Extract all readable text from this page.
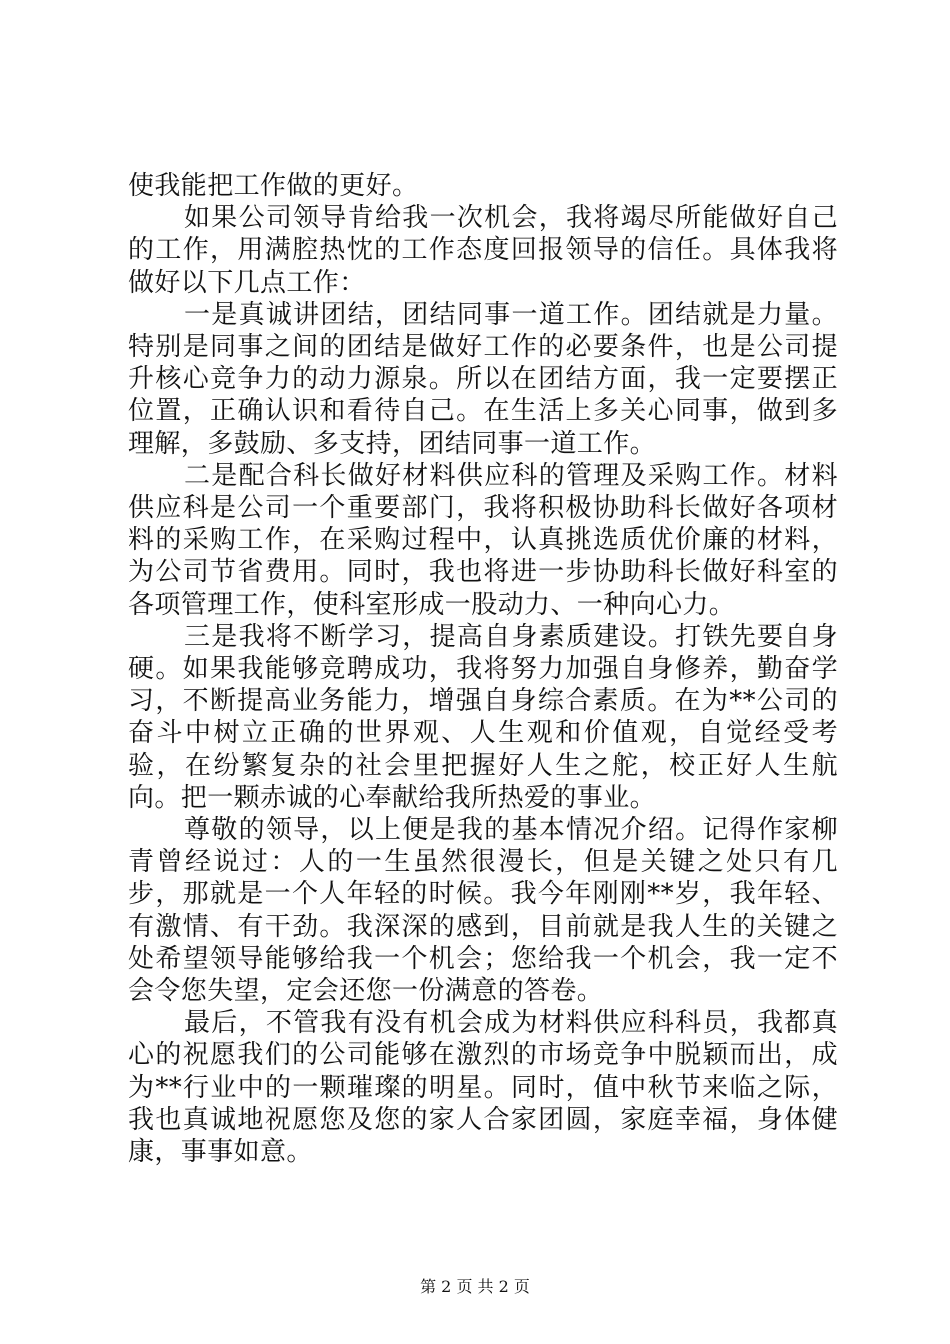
使我能把工作做的更好。

如果公司领导肯给我一次机会，我将竭尽所能做好自己的工作，用满腔热忱的工作态度回报领导的信任。具体我将做好以下几点工作：

一是真诚讲团结，团结同事一道工作。团结就是力量。特别是同事之间的团结是做好工作的必要条件，也是公司提升核心竞争力的动力源泉。所以在团结方面，我一定要摆正位置，正确认识和看待自己。在生活上多关心同事，做到多理解，多鼓励、多支持，团结同事一道工作。

二是配合科长做好材料供应科的管理及采购工作。材料供应科是公司一个重要部门，我将积极协助科长做好各项材料的采购工作，在采购过程中，认真挑选质优价廉的材料，为公司节省费用。同时，我也将进一步协助科长做好科室的各项管理工作，使科室形成一股动力、一种向心力。

三是我将不断学习，提高自身素质建设。打铁先要自身硬。如果我能够竞聘成功，我将努力加强自身修养，勤奋学习，不断提高业务能力，增强自身综合素质。在为**公司的奋斗中树立正确的世界观、人生观和价值观，自觉经受考验，在纷繁复杂的社会里把握好人生之舵，校正好人生航向。把一颗赤诚的心奉献给我所热爱的事业。

尊敬的领导，以上便是我的基本情况介绍。记得作家柳青曾经说过：人的一生虽然很漫长，但是关键之处只有几步，那就是一个人年轻的时候。我今年刚刚**岁，我年轻、有激情、有干劲。我深深的感到，目前就是我人生的关键之处希望领导能够给我一个机会；您给我一个机会，我一定不会令您失望，定会还您一份满意的答卷。

最后，不管我有没有机会成为材料供应科科员，我都真心的祝愿我们的公司能够在激烈的市场竞争中脱颖而出，成为**行业中的一颗璀璨的明星。同时，值中秋节来临之际，我也真诚地祝愿您及您的家人合家团圆，家庭幸福，身体健康，事事如意。

第 2 页 共 2 页
